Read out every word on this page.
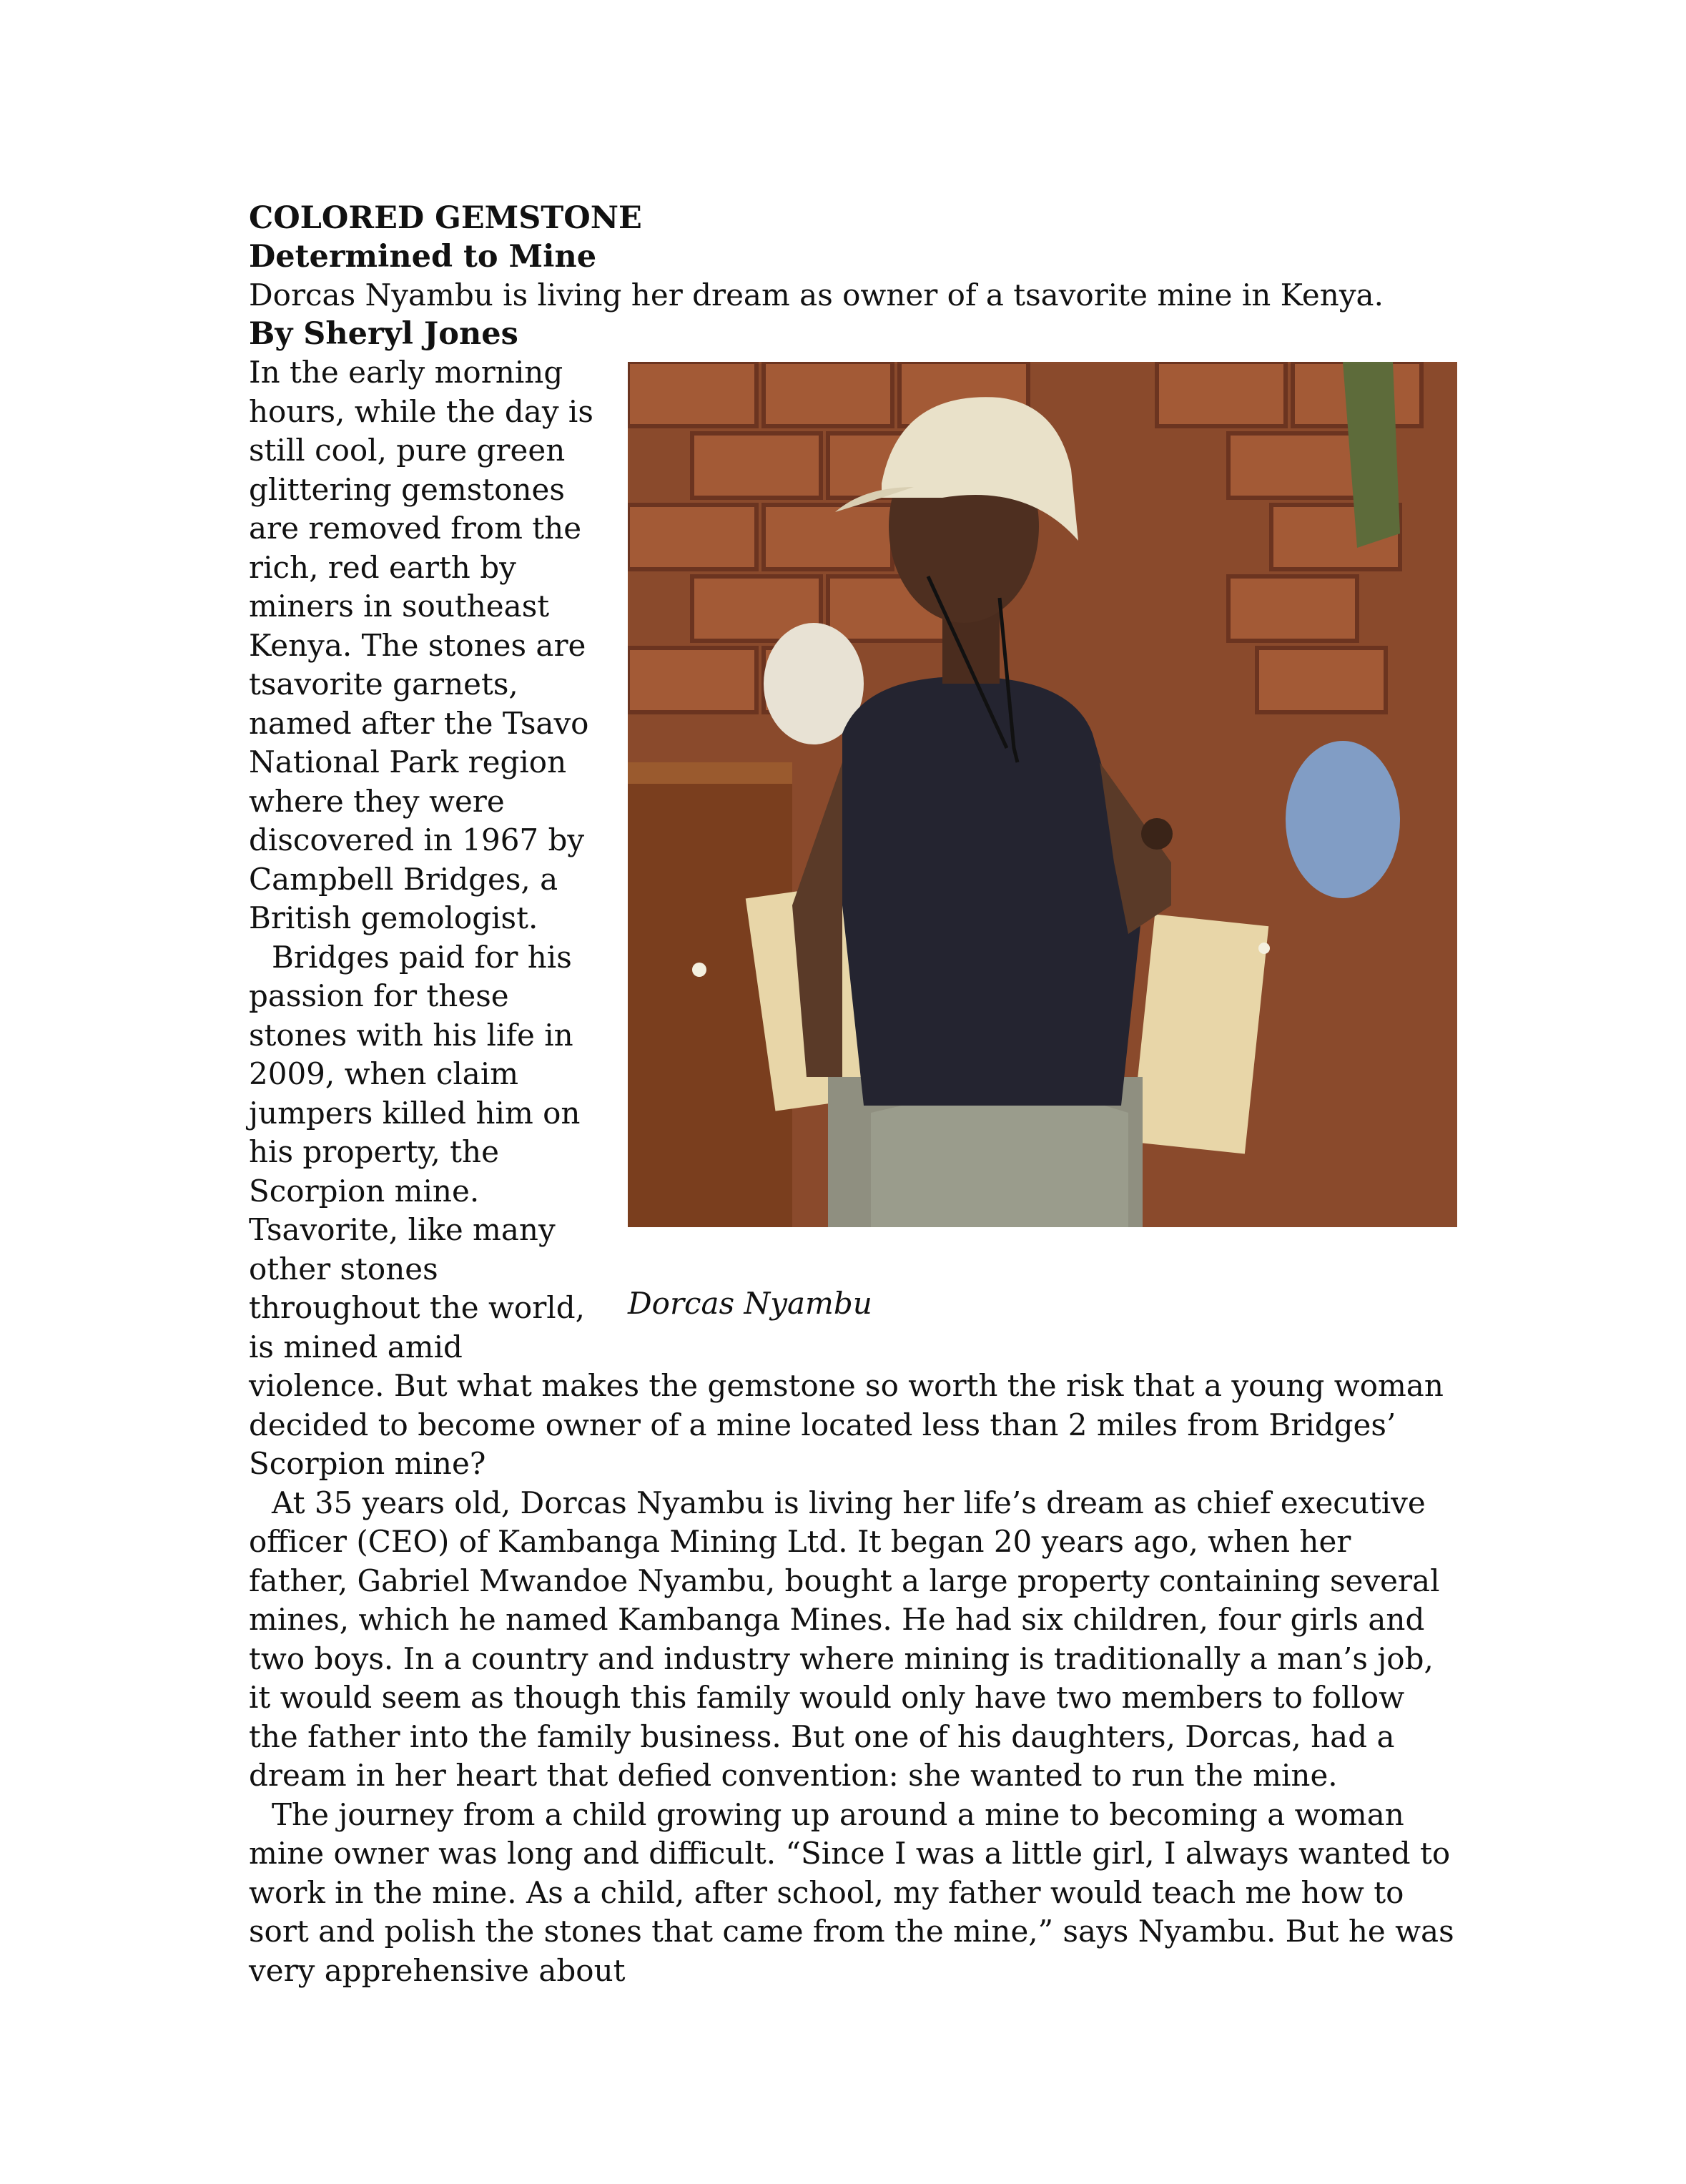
COLORED GEMSTONE
Determined to Mine
Dorcas Nyambu is living her dream as owner of a tsavorite mine in Kenya.
By Sheryl Jones
Dorcas Nyambu

In the early morning hours, while the day is still cool, pure green glittering gemstones are removed from the rich, red earth by miners in southeast Kenya. The stones are tsavorite garnets, named after the Tsavo National Park region where they were discovered in 1967 by Campbell Bridges, a British gemologist.

Bridges paid for his passion for these stones with his life in 2009, when claim jumpers killed him on his property, the Scorpion mine. Tsavorite, like many other stones throughout the world, is mined amid violence. But what makes the gemstone so worth the risk that a young woman decided to become owner of a mine located less than 2 miles from Bridges’ Scorpion mine?

At 35 years old, Dorcas Nyambu is living her life’s dream as chief executive officer (CEO) of Kambanga Mining Ltd. It began 20 years ago, when her father, Gabriel Mwandoe Nyambu, bought a large property containing several mines, which he named Kambanga Mines. He had six children, four girls and two boys. In a country and industry where mining is traditionally a man’s job, it would seem as though this family would only have two members to follow the father into the family business. But one of his daughters, Dorcas, had a dream in her heart that defied convention: she wanted to run the mine.

The journey from a child growing up around a mine to becoming a woman mine owner was long and difficult. “Since I was a little girl, I always wanted to work in the mine. As a child, after school, my father would teach me how to sort and polish the stones that came from the mine,” says Nyambu. But he was very apprehensive about
